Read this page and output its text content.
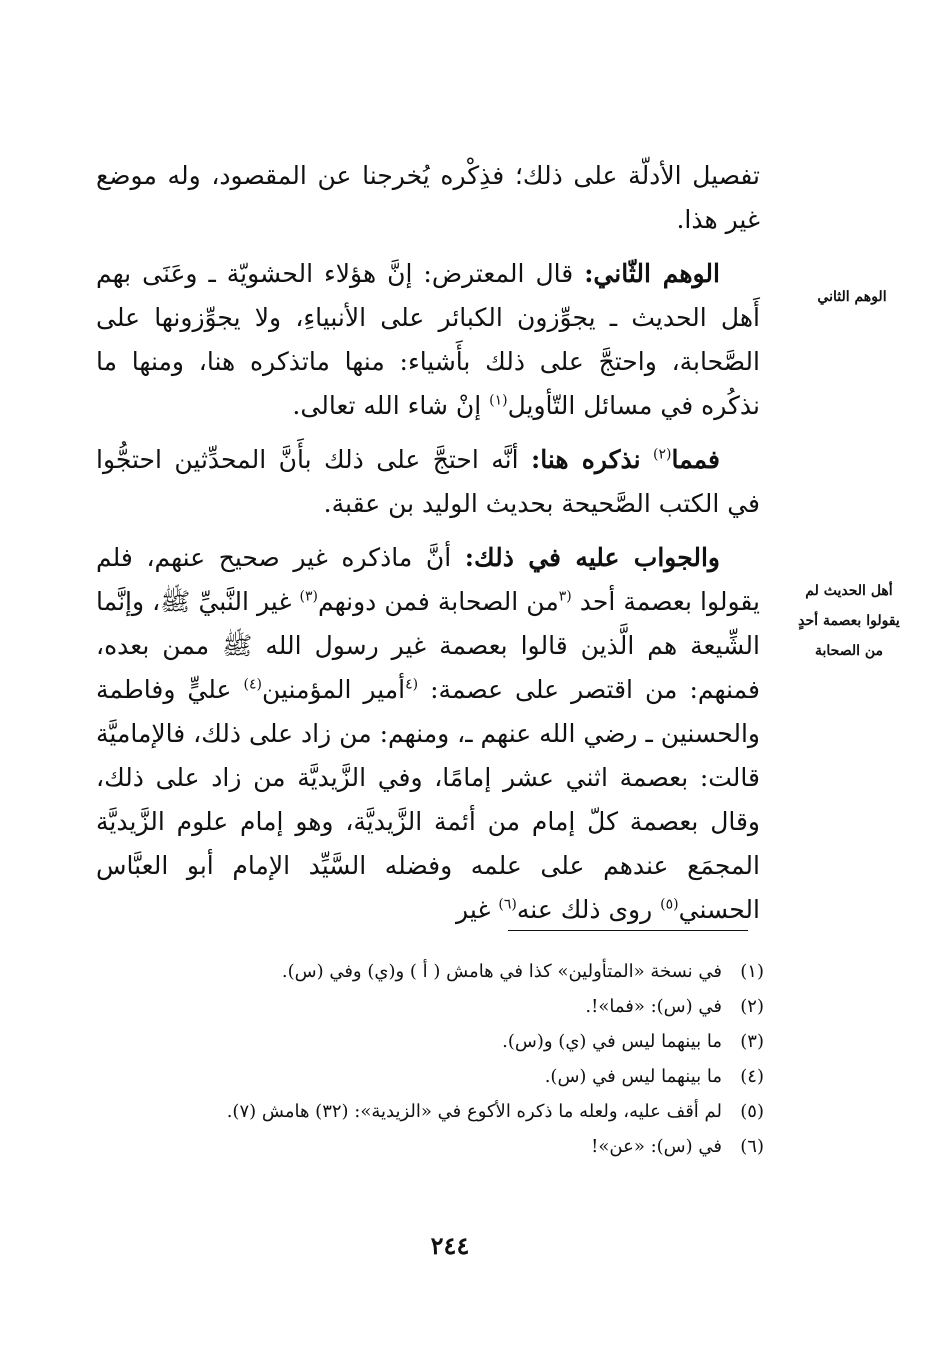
تفصيل الأدلّة على ذلك؛ فذِكْره يُخرجنا عن المقصود، وله موضع غير هذا.

الوهم الثّاني: قال المعترض: إنَّ هؤلاء الحشويّة ـ وعَنَى بهم أَهل الحديث ـ يجوِّزون الكبائر على الأنبياءِ، ولا يجوِّزونها على الصَّحابة، واحتجَّ على ذلك بأَشياء: منها ماتذكره هنا، ومنها ما نذكُره في مسائل التّأويل$^{(١)}$ إنْ شاء الله تعالى.

فمما$^{(٢)}$ نذكره هنا: أنَّه احتجَّ على ذلك بأَنَّ المحدِّثين احتجُّوا في الكتب الصَّحيحة بحديث الوليد بن عقبة.

والجواب عليه في ذلك: أنَّ ماذكره غير صحيح عنهم، فلم يقولوا بعصمة أحد $^{(٣}$من الصحابة فمن دونهم$^{(٣)}$ غير النَّبيِّ ﷺ، وإنَّما الشِّيعة هم الَّذين قالوا بعصمة غير رسول الله ﷺ ممن بعده، فمنهم: من اقتصر على عصمة: $^{(٤}$أمير المؤمنين$^{(٤)}$ عليٍّ وفاطمة والحسنين ـ رضي الله عنهم ـ، ومنهم: من زاد على ذلك، فالإماميَّة قالت: بعصمة اثني عشر إمامًا، وفي الزَّيديَّة من زاد على ذلك، وقال بعصمة كلّ إمام من أئمة الزَّيديَّة، وهو إمام علوم الزَّيديَّة المجمَع عندهم على علمه وفضله السَّيِّد الإمام أبو العبَّاس الحسني$^{(٥)}$ روى ذلك عنه$^{(٦)}$ غير

الوهم الثاني
أهل الحديث لم
يقولوا بعصمة أحدٍ
من الصحابة
(١)
في نسخة «المتأولين» كذا في هامش ( أ ) و(ي) وفي (س).
(٢)
في (س): «فما»!.
(٣)
ما بينهما ليس في (ي) و(س).
(٤)
ما بينهما ليس في (س).
(٥)
لم أقف عليه، ولعله ما ذكره الأكوع في «الزيدية»: (٣٢) هامش (٧).
(٦)
في (س): «عن»!
٢٤٤
